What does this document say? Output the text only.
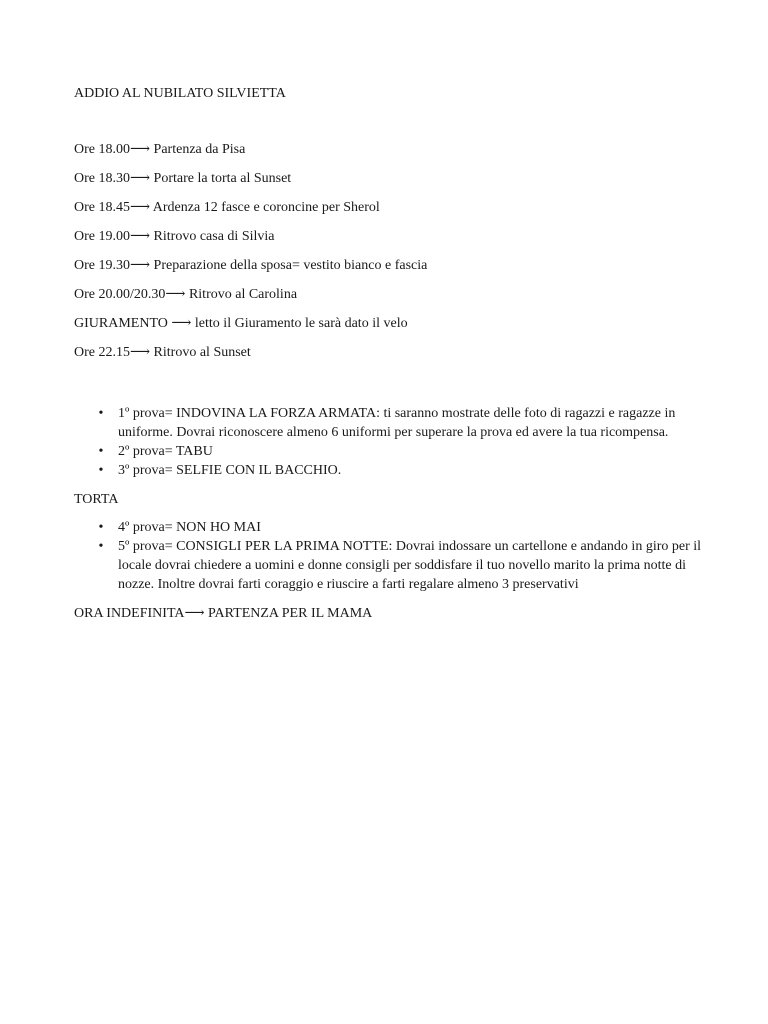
ADDIO AL NUBILATO SILVIETTA

Ore 18.00⟶ Partenza da Pisa
Ore 18.30⟶ Portare la torta al Sunset
Ore 18.45⟶ Ardenza 12 fasce e coroncine per Sherol
Ore 19.00⟶ Ritrovo casa di Silvia
Ore 19.30⟶ Preparazione della sposa= vestito bianco e fascia
Ore 20.00/20.30⟶ Ritrovo al Carolina
GIURAMENTO ⟶ letto il Giuramento le sarà dato il velo
Ore 22.15⟶ Ritrovo al Sunset
• 1º prova= INDOVINA LA FORZA ARMATA: ti saranno mostrate delle foto di ragazzi e ragazze in uniforme. Dovrai riconoscere almeno 6 uniformi per superare la prova ed avere la tua ricompensa.
• 2º prova= TABU
• 3º prova= SELFIE CON IL BACCHIO.
TORTA
• 4º prova= NON HO MAI
• 5º prova= CONSIGLI PER LA PRIMA NOTTE: Dovrai indossare un cartellone e andando in giro per il locale dovrai chiedere a uomini e donne consigli per soddisfare il tuo novello marito la prima notte di nozze. Inoltre dovrai farti coraggio e riuscire a farti regalare almeno 3 preservativi
ORA INDEFINITA⟶ PARTENZA PER IL MAMA
